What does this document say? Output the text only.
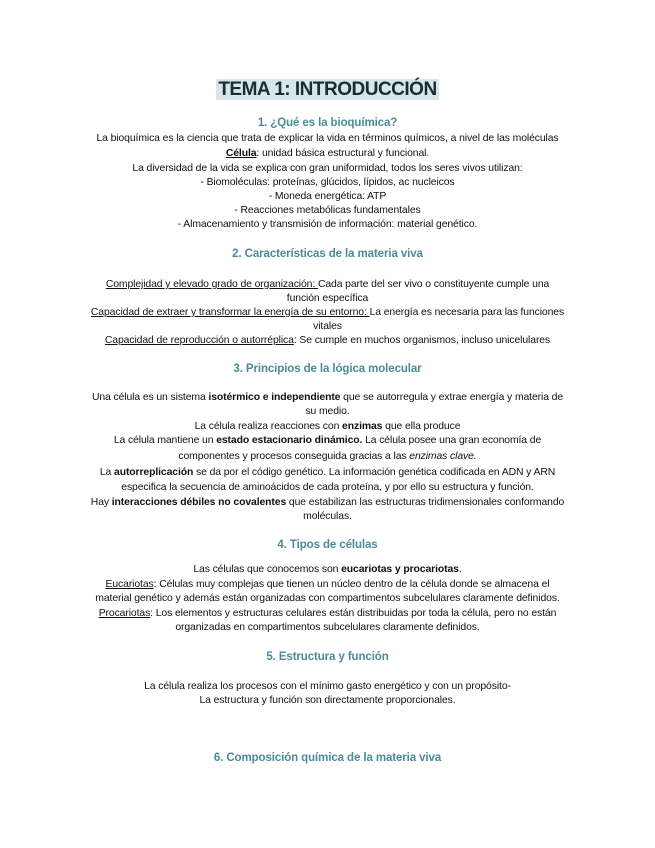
TEMA 1: INTRODUCCIÓN
1. ¿Qué es la bioquímica?
La bioquímica es la ciencia que trata de explicar la vida en términos químicos, a nivel de las moléculas
Célula: unidad básica estructural y funcional.
La diversidad de la vida se explica con gran uniformidad, todos los seres vivos utilizan:
- Biomoléculas: proteínas, glúcidos, lípidos, ac nucleicos
- Moneda energética: ATP
- Reacciones metabólicas fundamentales
- Almacenamiento y transmisión de información: material genético.
2. Características de la materia viva
Complejidad y elevado grado de organización: Cada parte del ser vivo o constituyente cumple una
función específica
Capacidad de extraer y transformar la energía de su entorno: La energía es necesaria para las funciones
vitales
Capacidad de reproducción o autorréplica: Se cumple en muchos organismos, incluso unicelulares
3. Principios de la lógica molecular
Una célula es un sistema isotérmico e independiente que se autorregula y extrae energía y materia de
su medio.
La célula realiza reacciones con enzimas que ella produce
La célula mantiene un estado estacionario dinámico. La célula posee una gran economía de
componentes y procesos conseguida gracias a las enzimas clave.
La autorreplicación se da por el código genético. La información genética codificada en ADN y ARN
especifica la secuencia de aminoácidos de cada proteína, y por ello su estructura y función.
Hay interacciones débiles no covalentes que estabilizan las estructuras tridimensionales conformando
moléculas.
4. Tipos de células
Las células que conocemos son eucariotas y procariotas.
Eucariotas: Células muy complejas que tienen un núcleo dentro de la célula donde se almacena el
material genético y además están organizadas con compartimentos subcelulares claramente definidos.
Procariotas: Los elementos y estructuras celulares están distribuidas por toda la célula, pero no están
organizadas en compartimentos subcelulares claramente definidos.
5. Estructura y función
La célula realiza los procesos con el mínimo gasto energético y con un propósito-
La estructura y función son directamente proporcionales.
6. Composición química de la materia viva
